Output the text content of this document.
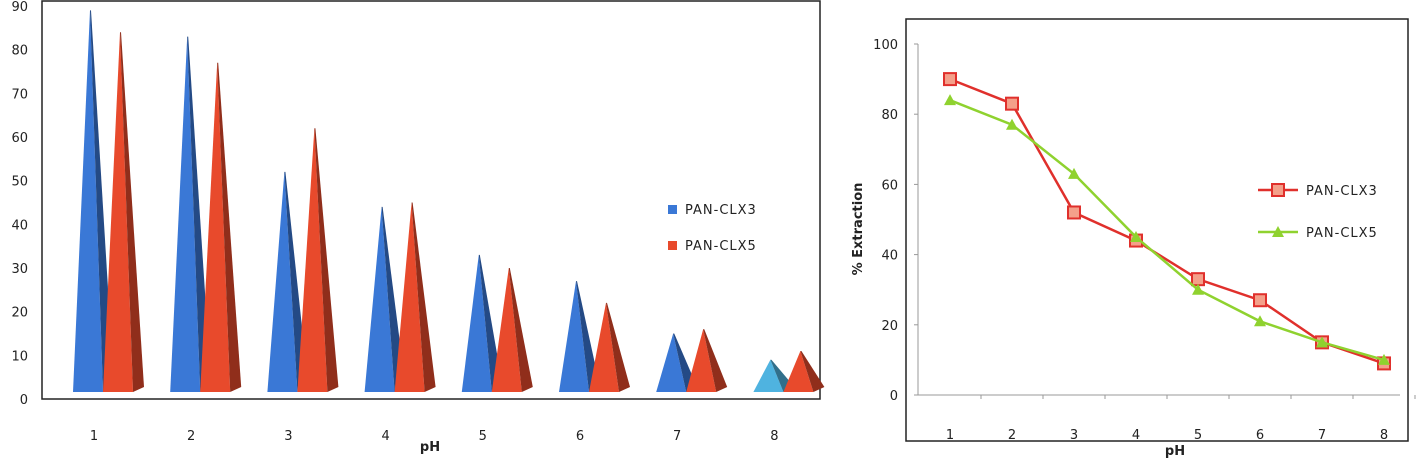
0
10
20
30
40
50
60
70
80
90
1	2	3	4	5	6	7	8
pH
PAN-CLX3
PAN-CLX5
0
20
40
60
80
100
1	2	3	4	5	6	7	8
pH
% Extraction	PAN-CLX3
PAN-CLX5
